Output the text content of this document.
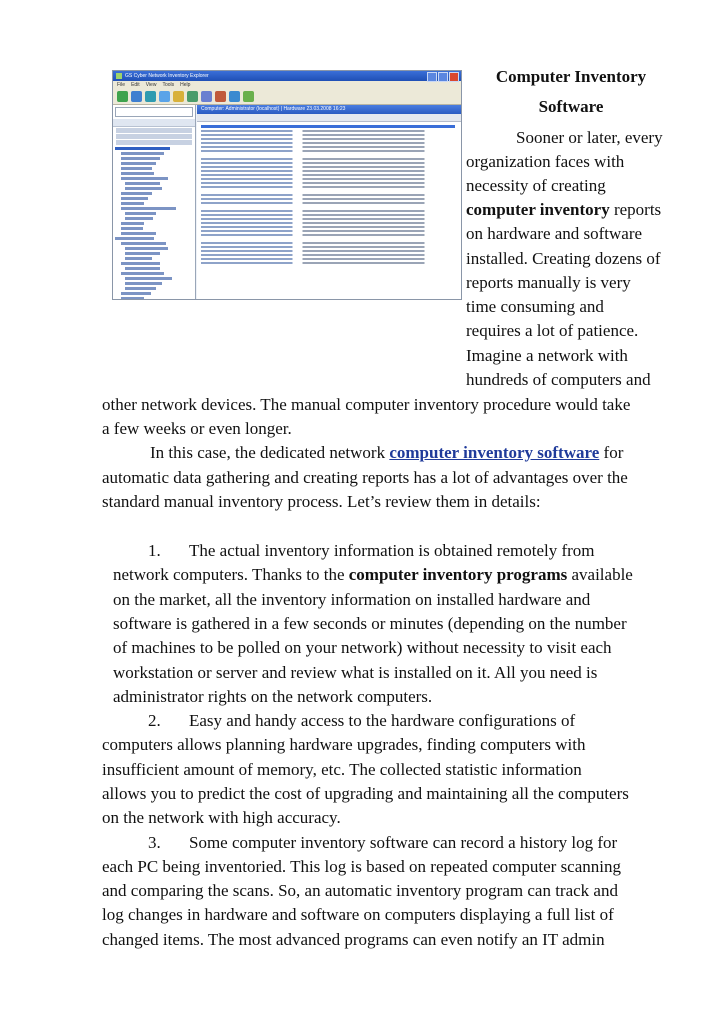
GS Cyber Network Inventory Explorer
File Edit View Tools Help
Computer: Administrator (localhost) | Hardware 23.03.2008 16:23

Computer Inventory

Software

Sooner or later, every

organization faces with

necessity of creating

computer inventory reports

on hardware and software

installed. Creating dozens of

reports manually is very

time consuming and

requires a lot of patience.

Imagine a network with

hundreds of computers and

other network devices. The manual computer inventory procedure would take

a few weeks or even longer.

In this case, the dedicated network computer inventory software for

automatic data gathering and creating reports has a lot of advantages over the

standard manual inventory process. Let’s review them in details:

1. The actual inventory information is obtained remotely from

network computers. Thanks to the computer inventory programs available

on the market, all the inventory information on installed hardware and

software is gathered in a few seconds or minutes (depending on the number

of machines to be polled on your network) without necessity to visit each

workstation or server and review what is installed on it. All you need is

administrator rights on the network computers.

2. Easy and handy access to the hardware configurations of

computers allows planning hardware upgrades, finding computers with

insufficient amount of memory, etc. The collected statistic information

allows you to predict the cost of upgrading and maintaining all the computers

on the network with high accuracy.

3. Some computer inventory software can record a history log for

each PC being inventoried. This log is based on repeated computer scanning

and comparing the scans. So, an automatic inventory program can track and

log changes in hardware and software on computers displaying a full list of

changed items. The most advanced programs can even notify an IT admin
